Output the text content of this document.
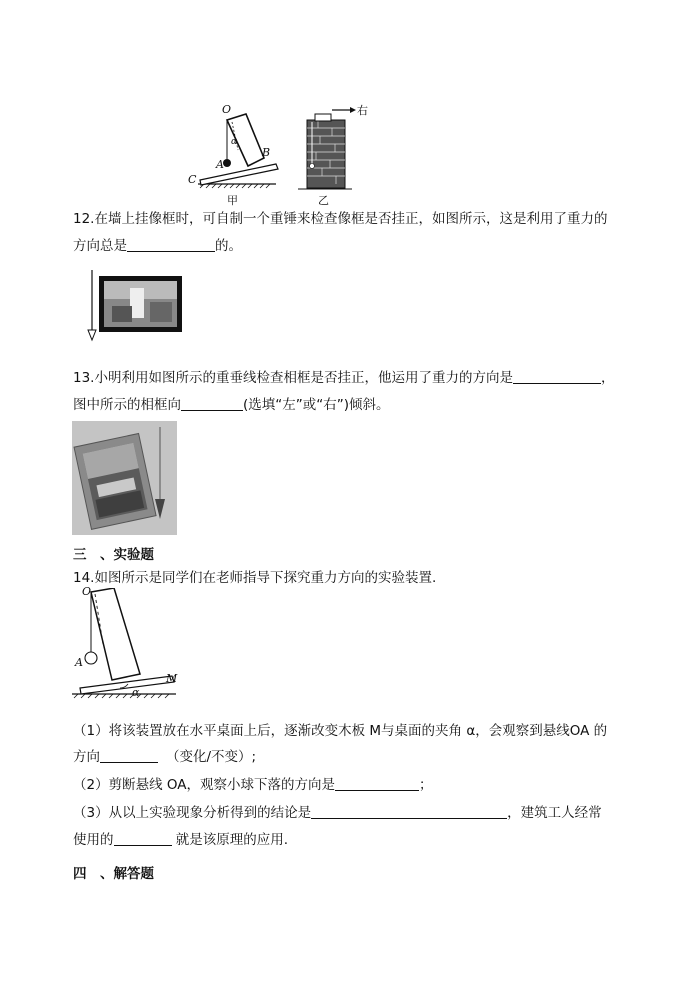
O
α
A
B
C
甲	乙
右
12.在墙上挂像框时，可自制一个重锤来检查像框是否挂正，如图所示，这是利用了重力的
方向总是	的。
13.小明利用如图所示的重垂线检查相框是否挂正，他运用了重力的方向是	，
图中所示的相框向	(选填“左”或“右”)倾斜。
三　、实验题
14.如图所示是同学们在老师指导下探究重力方向的实验装置.
O
A
M
α
（1）将该装置放在水平桌面上后，逐渐改变木板 M与桌面的夹角 α，会观察到悬线OA 的
方向	（变化/不变）;
（2）剪断悬线 OA，观察小球下落的方向是	；
（3）从以上实验现象分析得到的结论是	，建筑工人经常
使用的	就是该原理的应用.
四　、解答题
